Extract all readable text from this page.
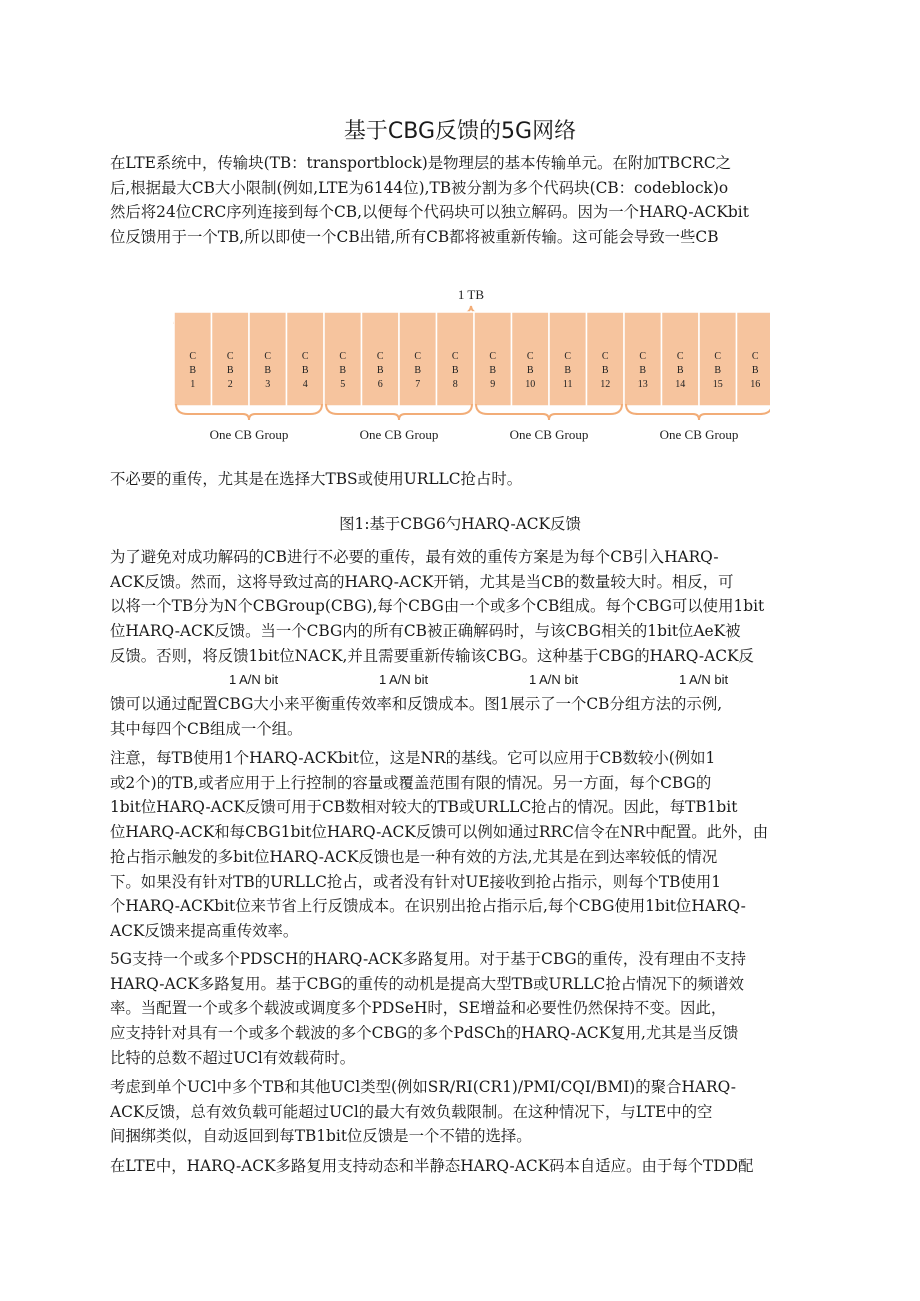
基于CBG反馈的5G网络

在LTE系统中，传输块(TB：transportblock)是物理层的基本传输单元。在附加TBCRC之
后,根据最大CB大小限制(例如,LTE为6144位),TB被分割为多个代码块(CB：codeblock)o
然后将24位CRC序列连接到每个CB,以便每个代码块可以独立解码。因为一个HARQ-ACKbit
位反馈用于一个TB,所以即使一个CB出错,所有CB都将被重新传输。这可能会导致一些CB

1 TB
C
B
1
C
B
2
C
B
3
C
B
4
C
B
5
C
B
6
C
B
7
C
B
8
C
B
9
C
B
10
C
B
11
C
B
12
C
B
13
C
B
14
C
B
15
C
B
16
One CB Group	One CB Group	One CB Group	One CB Group

不必要的重传，尤其是在选择大TBS或使用URLLC抢占时。

图1:基于CBG6勺HARQ-ACK反馈

为了避免对成功解码的CB进行不必要的重传，最有效的重传方案是为每个CB引入HARQ-
ACK反馈。然而，这将导致过高的HARQ-ACK开销，尤其是当CB的数量较大时。相反，可
以将一个TB分为N个CBGroup(CBG),每个CBG由一个或多个CB组成。每个CBG可以使用1bit
位HARQ-ACK反馈。当一个CBG内的所有CB被正确解码时，与该CBG相关的1bit位AeK被
反馈。否则，将反馈1bit位NACK,并且需要重新传输该CBG。这种基于CBG的HARQ-ACK反

1 A/N bit	1 A/N bit	1 A/N bit	1 A/N bit

馈可以通过配置CBG大小来平衡重传效率和反馈成本。图1展示了一个CB分组方法的示例,
其中每四个CB组成一个组。

注意，每TB使用1个HARQ-ACKbit位，这是NR的基线。它可以应用于CB数较小(例如1
或2个)的TB,或者应用于上行控制的容量或覆盖范围有限的情况。另一方面，每个CBG的
1bit位HARQ-ACK反馈可用于CB数相对较大的TB或URLLC抢占的情况。因此，每TB1bit
位HARQ-ACK和每CBG1bit位HARQ-ACK反馈可以例如通过RRC信令在NR中配置。此外，由
抢占指示触发的多bit位HARQ-ACK反馈也是一种有效的方法,尤其是在到达率较低的情况
下。如果没有针对TB的URLLC抢占，或者没有针对UE接收到抢占指示，则每个TB使用1
个HARQ-ACKbit位来节省上行反馈成本。在识别出抢占指示后,每个CBG使用1bit位HARQ-
ACK反馈来提高重传效率。

5G支持一个或多个PDSCH的HARQ-ACK多路复用。对于基于CBG的重传，没有理由不支持
HARQ-ACK多路复用。基于CBG的重传的动机是提高大型TB或URLLC抢占情况下的频谱效
率。当配置一个或多个载波或调度多个PDSeH时，SE增益和必要性仍然保持不变。因此，
应支持针对具有一个或多个载波的多个CBG的多个PdSCh的HARQ-ACK复用,尤其是当反馈
比特的总数不超过UCl有效载荷时。

考虑到单个UCl中多个TB和其他UCl类型(例如SR/RI(CR1)/PMI/CQI/BMI)的聚合HARQ-
ACK反馈，总有效负载可能超过UCl的最大有效负载限制。在这种情况下，与LTE中的空
间捆绑类似，自动返回到每TB1bit位反馈是一个不错的选择。

在LTE中，HARQ-ACK多路复用支持动态和半静态HARQ-ACK码本自适应。由于每个TDD配
